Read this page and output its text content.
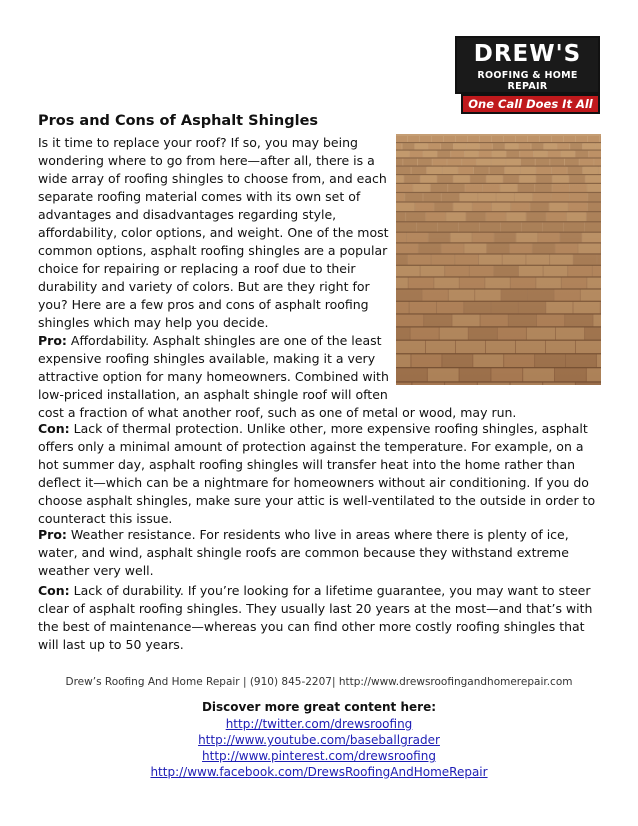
DREW'S
ROOFING & HOME REPAIR
One Call Does It All
Pros and Cons of Asphalt Shingles
Is it time to replace your roof? If so, you may being
wondering where to go from here—after all, there is a
wide array of roofing shingles to choose from, and each
separate roofing material comes with its own set of
advantages and disadvantages regarding style,
affordability, color options, and weight. One of the most
common options, asphalt roofing shingles are a popular
choice for repairing or replacing a roof due to their
durability and variety of colors. But are they right for
you? Here are a few pros and cons of asphalt roofing
shingles which may help you decide.
Pro: Affordability. Asphalt shingles are one of the least
expensive roofing shingles available, making it a very
attractive option for many homeowners. Combined with
low-priced installation, an asphalt shingle roof will often
cost a fraction of what another roof, such as one of metal or wood, may run.
Con: Lack of thermal protection. Unlike other, more expensive roofing shingles, asphalt
offers only a minimal amount of protection against the temperature. For example, on a
hot summer day, asphalt roofing shingles will transfer heat into the home rather than
deflect it—which can be a nightmare for homeowners without air conditioning. If you do
choose asphalt shingles, make sure your attic is well-ventilated to the outside in order to
counteract this issue.
Pro: Weather resistance. For residents who live in areas where there is plenty of ice,
water, and wind, asphalt shingle roofs are common because they withstand extreme
weather very well.
Con: Lack of durability. If you’re looking for a lifetime guarantee, you may want to steer
clear of asphalt roofing shingles. They usually last 20 years at the most—and that’s with
the best of maintenance—whereas you can find other more costly roofing shingles that
will last up to 50 years.
Drew’s Roofing And Home Repair | (910) 845-2207| http://www.drewsroofingandhomerepair.com
Discover more great content here:
http://twitter.com/drewsroofing
http://www.youtube.com/baseballgrader
http://www.pinterest.com/drewsroofing
http://www.facebook.com/DrewsRoofingAndHomeRepair
